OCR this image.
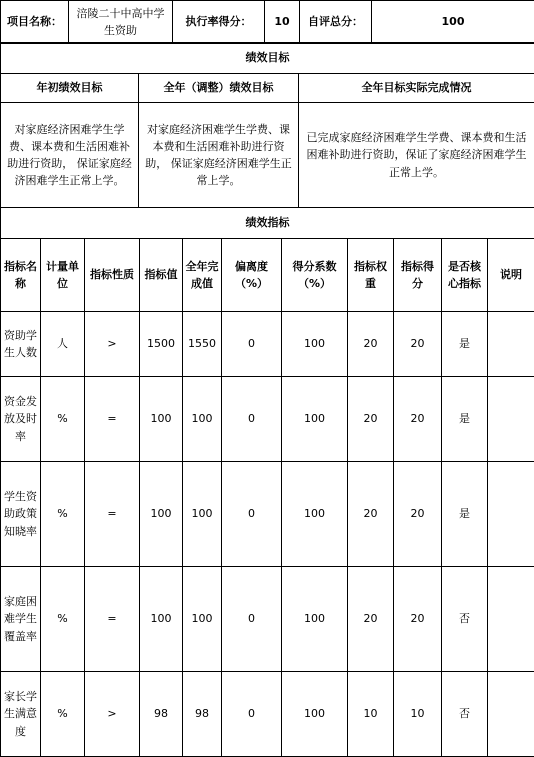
项目名称：	涪陵二十中高中学生资助	执行率得分：	10	自评总分：	100
绩效目标		
年初绩效目标	全年（调整）绩效目标	全年目标实际完成情况
对家庭经济困难学生学费、课本费和生活困难补助进行资助， 保证家庭经济困难学生正常上学。	对家庭经济困难学生学费、课本费和生活困难补助进行资助， 保证家庭经济困难学生正常上学。	已完成家庭经济困难学生学费、课本费和生活困难补助进行资助，保证了家庭经济困难学生正常上学。
绩效指标		
指标名称	计量单位	指标性质	指标值	全年完成值	偏离度（%）	得分系数（%）	指标权重	指标得分	是否核心指标	说明
资助学生人数	人	>	1500	1550	0	100	20	20	是	
资金发放及时率	%	=	100	100	0	100	20	20	是	
学生资助政策知晓率	%	=	100	100	0	100	20	20	是	
家庭困难学生覆盖率	%	=	100	100	0	100	20	20	否	
家长学生满意度	%	>	98	98	0	100	10	10	否	
